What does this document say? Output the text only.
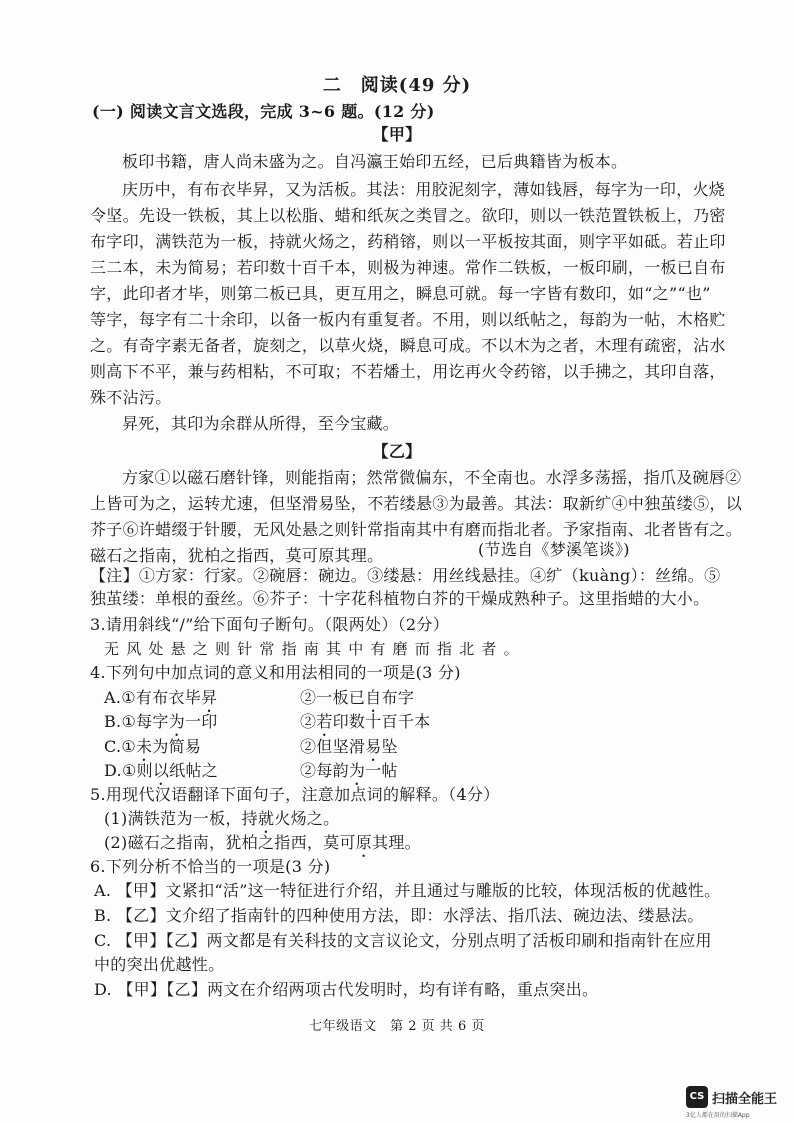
二　阅读(49 分)
(一) 阅读文言文选段，完成 3~6 题。(12 分)
【甲】
板印书籍，唐人尚未盛为之。自冯瀛王始印五经，已后典籍皆为板本。
庆历中，有布衣毕昇，又为活板。其法：用胶泥刻字，薄如钱唇，每字为一印，火烧
令坚。先设一铁板，其上以松脂、蜡和纸灰之类冒之。欲印，则以一铁范置铁板上，乃密
布字印，满铁范为一板，持就火炀之，药稍镕，则以一平板按其面，则字平如砥。若止印
三二本，未为简易；若印数十百千本，则极为神速。常作二铁板，一板印刷，一板已自布
字，此印者才毕，则第二板已具，更互用之，瞬息可就。每一字皆有数印，如“之”“也”
等字，每字有二十余印，以备一板内有重复者。不用，则以纸帖之，每韵为一帖，木格贮
之。有奇字素无备者，旋刻之，以草火烧，瞬息可成。不以木为之者，木理有疏密，沾水
则高下不平，兼与药相粘，不可取；不若燔土，用讫再火令药镕，以手拂之，其印自落，
殊不沾污。
昇死，其印为余群从所得，至今宝藏。
【乙】
方家①以磁石磨针锋，则能指南；然常微偏东，不全南也。水浮多荡摇，指爪及碗唇②
上皆可为之，运转尤速，但坚滑易坠，不若缕悬③为最善。其法：取新纩④中独茧缕⑤，以
芥子⑥许蜡缀于针腰，无风处悬之则针常指南其中有磨而指北者。予家指南、北者皆有之。
磁石之指南，犹柏之指西，莫可原其理。	(节选自《梦溪笔谈》)
【注】①方家：行家。②碗唇：碗边。③缕悬：用丝线悬挂。④纩（kuàng）：丝绵。⑤
独茧缕：单根的蚕丝。⑥芥子：十字花科植物白芥的干燥成熟种子。这里指蜡的大小。
3.请用斜线“/”给下面句子断句。（限两处）（2分）
无风处悬之则针常指南其中有磨而指北者。
4.下列句中加点词的意义和用法相同的一项是(3 分)
A.①有布衣毕昇	②一板已自布字
B.①每字为一印	②若印数十百千本
C.①未为简易	②但坚滑易坠
D.①则以纸帖之	②每韵为一帖
5.用现代汉语翻译下面句子，注意加点词的解释。（4分）
(1)满铁范为一板，持就火炀之。
(2)磁石之指南，犹柏之指西，莫可原其理。
6.下列分析不恰当的一项是(3 分)
A. 【甲】文紧扣“活”这一特征进行介绍，并且通过与雕版的比较，体现活板的优越性。
B. 【乙】文介绍了指南针的四种使用方法，即：水浮法、指爪法、碗边法、缕悬法。
C. 【甲】【乙】两文都是有关科技的文言议论文，分别点明了活板印刷和指南针在应用
中的突出优越性。
D. 【甲】【乙】两文在介绍两项古代发明时，均有详有略，重点突出。
七年级语文　第 2 页 共 6 页
CS 扫描全能王
3亿人都在用的扫描App
